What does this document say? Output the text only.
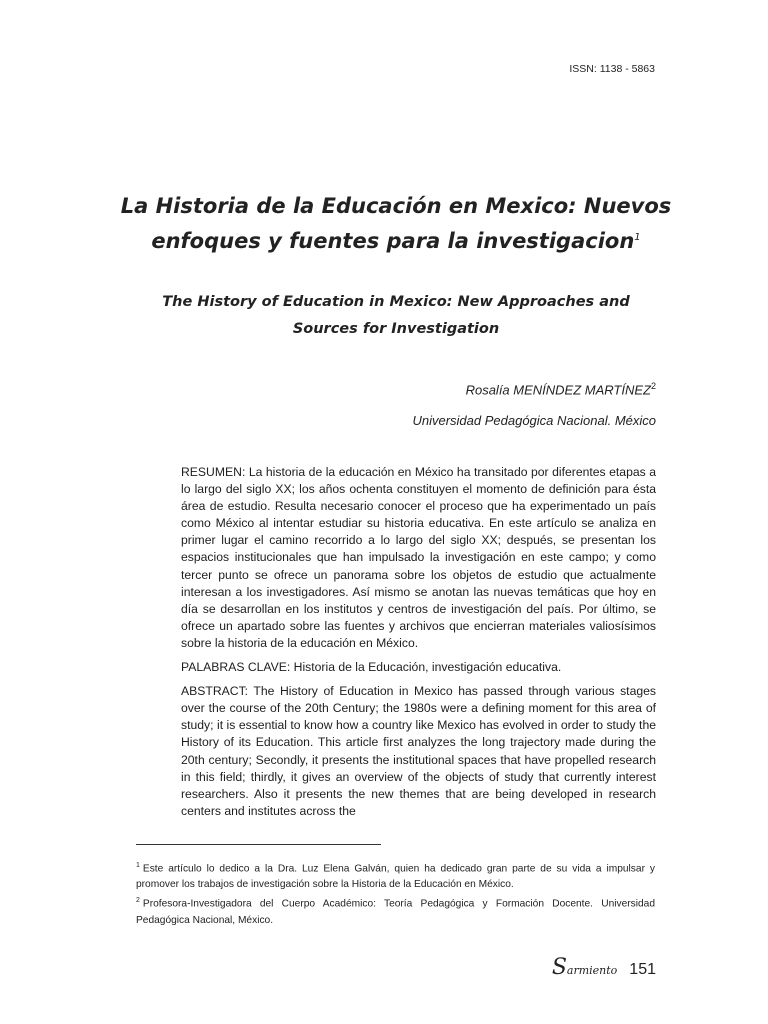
ISSN: 1138 - 5863
La Historia de la Educación en Mexico: Nuevos enfoques y fuentes para la investigacion$^1$
The History of Education in Mexico: New Approaches and Sources for Investigation
Rosalía MENÍNDEZ MARTÍNEZ$^2$
Universidad Pedagógica Nacional. México

RESUMEN: La historia de la educación en México ha transitado por diferentes etapas a lo largo del siglo XX; los años ochenta constituyen el momento de definición para ésta área de estudio. Resulta necesario conocer el proceso que ha experimentado un país como México al intentar estudiar su historia educativa. En este artículo se analiza en primer lugar el camino recorrido a lo largo del siglo XX; después, se presentan los espacios institucionales que han impulsado la investigación en este campo; y como tercer punto se ofrece un panorama sobre los objetos de estudio que actualmente interesan a los investigadores. Así mismo se anotan las nuevas temáticas que hoy en día se desarrollan en los institutos y centros de investigación del país. Por último, se ofrece un apartado sobre las fuentes y archivos que encierran materiales valiosísimos sobre la historia de la educación en México.

PALABRAS CLAVE: Historia de la Educación, investigación educativa.

ABSTRACT: The History of Education in Mexico has passed through various stages over the course of the 20th Century; the 1980s were a defining moment for this area of study; it is essential to know how a country like Mexico has evolved in order to study the History of its Education. This article first analyzes the long trajectory made during the 20th century; Secondly, it presents the institutional spaces that have propelled research in this field; thirdly, it gives an overview of the objects of study that currently interest researchers. Also it presents the new themes that are being developed in research centers and institutes across the

$^1$ Este artículo lo dedico a la Dra. Luz Elena Galván, quien ha dedicado gran parte de su vida a impulsar y promover los trabajos de investigación sobre la Historia de la Educación en México.

$^2$ Profesora-Investigadora del Cuerpo Académico: Teoría Pedagógica y Formación Docente. Universidad Pedagógica Nacional, México.

Sarmiento 151
